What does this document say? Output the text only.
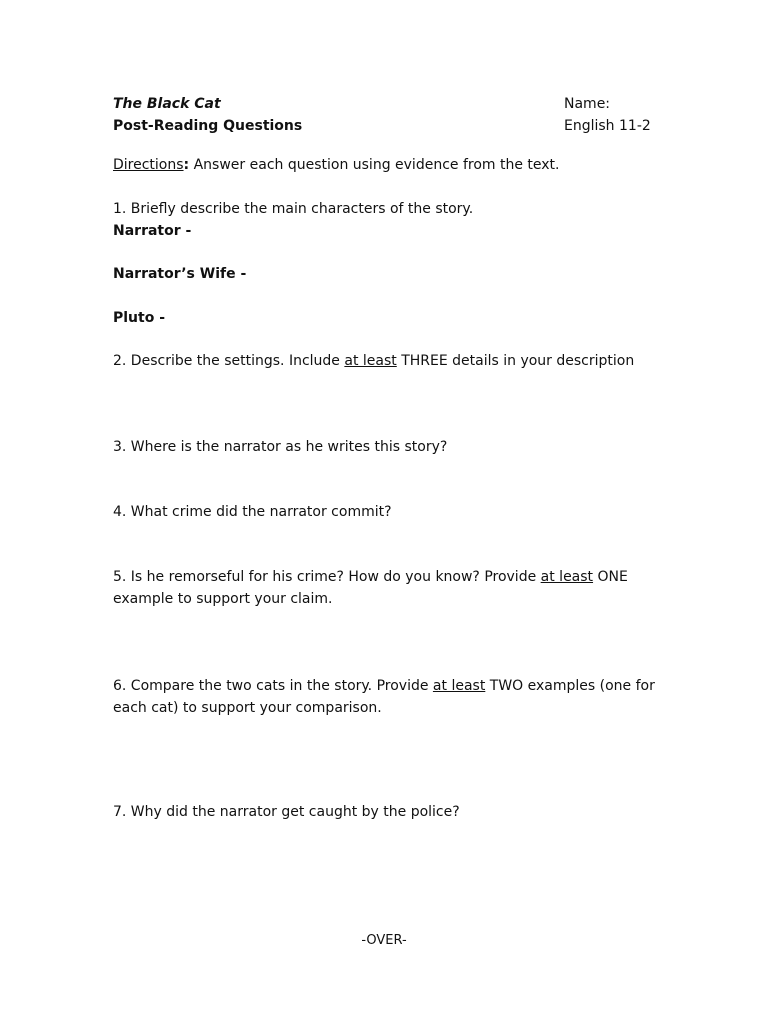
The Black Cat
Post-Reading Questions
Name:
English 11-2
Directions: Answer each question using evidence from the text.
1. Briefly describe the main characters of the story.
Narrator -
Narrator’s Wife -
Pluto -
2. Describe the settings. Include at least THREE details in your description
3. Where is the narrator as he writes this story?
4. What crime did the narrator commit?
5. Is he remorseful for his crime? How do you know? Provide at least ONE example to support your claim.
6. Compare the two cats in the story. Provide at least TWO examples (one for each cat) to support your comparison.
7. Why did the narrator get caught by the police?
-OVER-
